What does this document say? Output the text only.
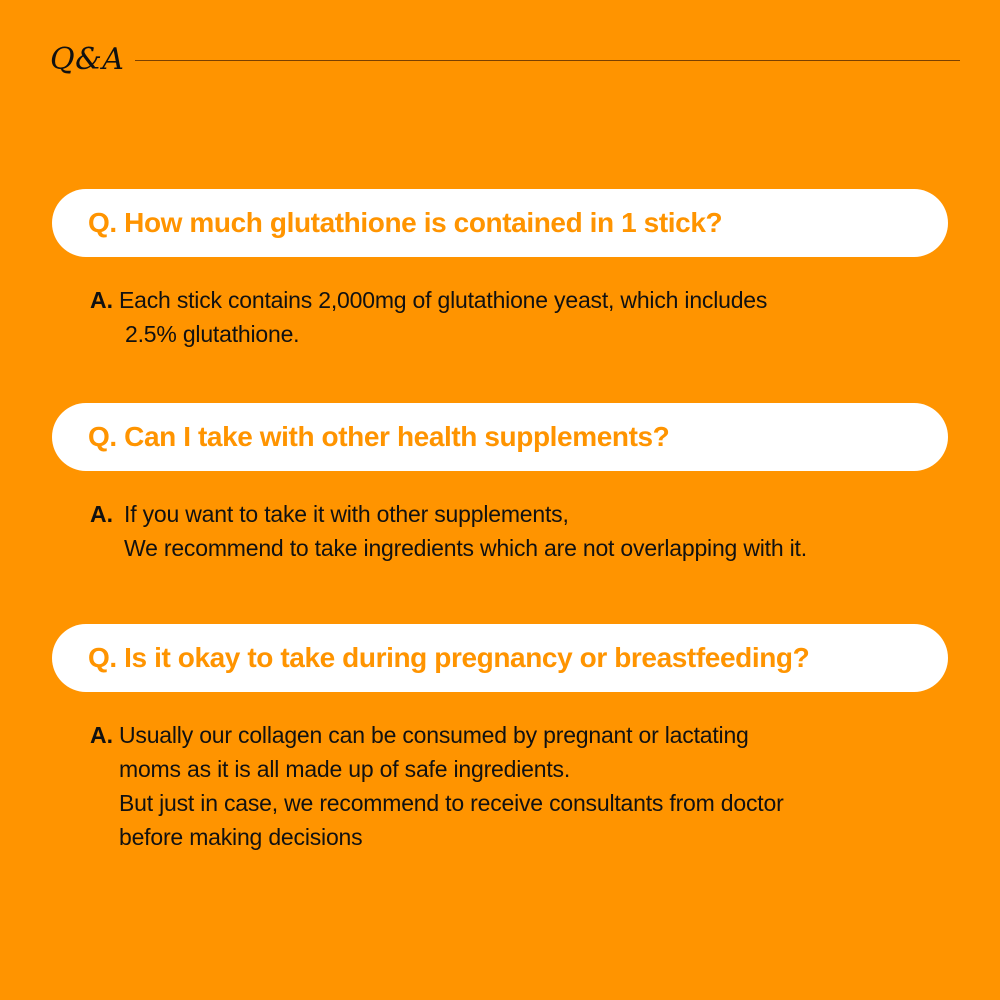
Q&A
Q. How much glutathione is contained in 1 stick?
A. Each stick contains 2,000mg of glutathione yeast, which includes
2.5% glutathione.
Q. Can I take with other health supplements?
A. If you want to take it with other supplements,
We recommend to take ingredients which are not overlapping with it.
Q. Is it okay to take during pregnancy or breastfeeding?
A. Usually our collagen can be consumed by pregnant or lactating
moms as it is all made up of safe ingredients.
But just in case, we recommend to receive consultants from doctor
before making decisions
